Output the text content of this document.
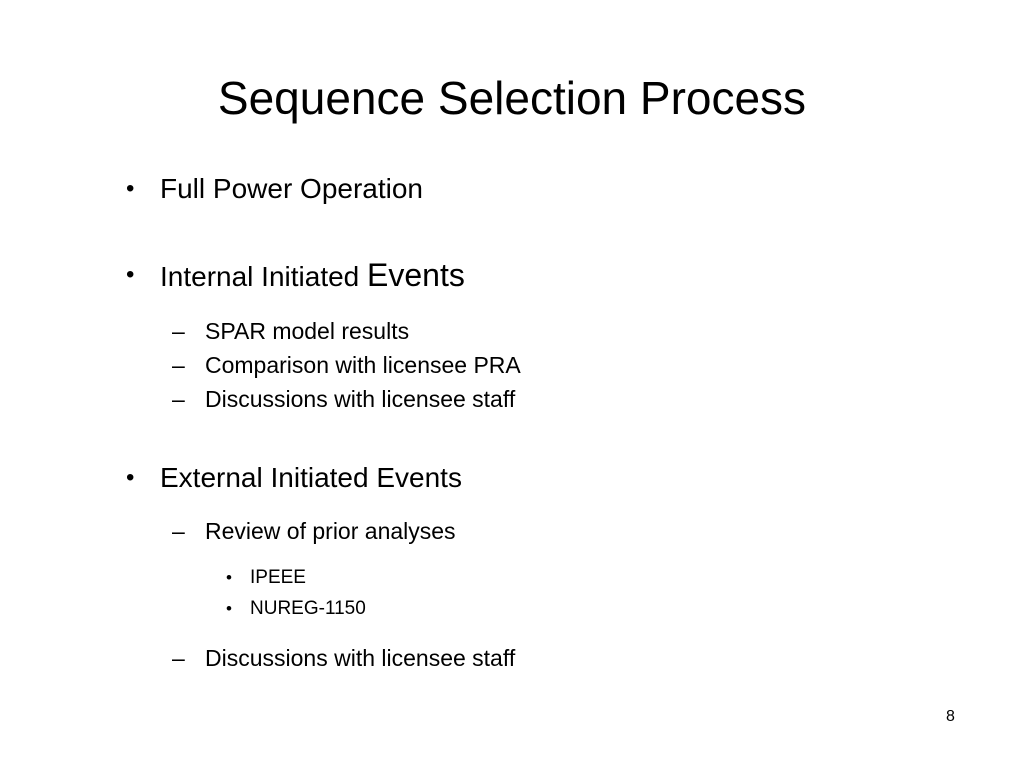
Sequence Selection Process
• Full Power Operation
• Internal Initiated Events
– SPAR model results
– Comparison with licensee PRA
– Discussions with licensee staff
• External Initiated Events
– Review of prior analyses
• IPEEE
• NUREG-1150
– Discussions with licensee staff
8
